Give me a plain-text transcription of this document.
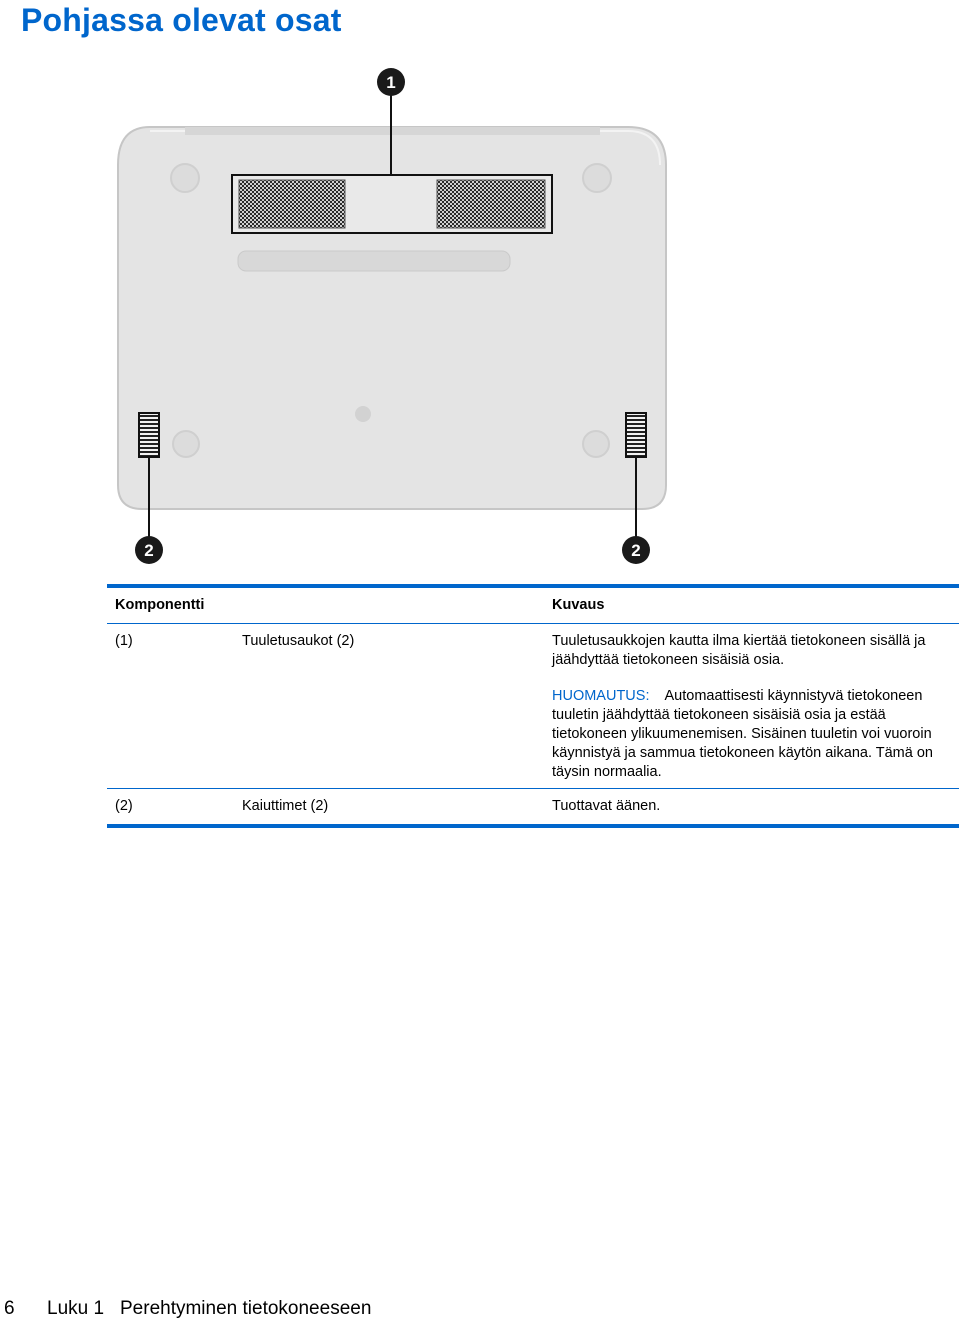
Pohjassa olevat osat
1
2	2
Komponentti	Kuvaus
(1)	Tuuletusaukot (2)	Tuuletusaukkojen kautta ilma kiertää tietokoneen sisällä ja
jäähdyttää tietokoneen sisäisiä osia.
HUOMAUTUS: Automaattisesti käynnistyvä tietokoneen
tuuletin jäähdyttää tietokoneen sisäisiä osia ja estää
tietokoneen ylikuumenemisen. Sisäinen tuuletin voi vuoroin
käynnistyä ja sammua tietokoneen käytön aikana. Tämä on
täysin normaalia.
(2)	Kaiuttimet (2)	Tuottavat äänen.
6 Luku 1 Perehtyminen tietokoneeseen
